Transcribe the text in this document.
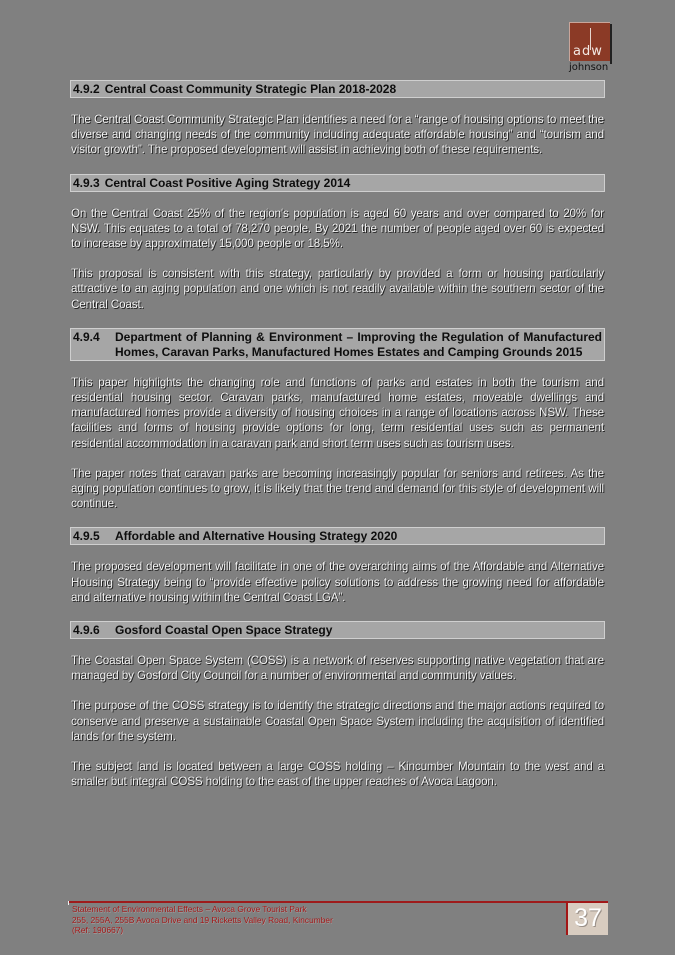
adw
johnson
4.9.2 Central Coast Community Strategic Plan 2018-2028

The Central Coast Community Strategic Plan identifies a need for a “range of housing options to meet the diverse and changing needs of the community including adequate affordable housing” and “tourism and visitor growth”. The proposed development will assist in achieving both of these requirements.

4.9.3 Central Coast Positive Aging Strategy 2014

On the Central Coast 25% of the region's population is aged 60 years and over compared to 20% for NSW. This equates to a total of 78,270 people. By 2021 the number of people aged over 60 is expected to increase by approximately 15,000 people or 18.5%.

This proposal is consistent with this strategy, particularly by provided a form or housing particularly attractive to an aging population and one which is not readily available within the southern sector of the Central Coast.

4.9.4	Department of Planning & Environment – Improving the Regulation of Manufactured Homes, Caravan Parks, Manufactured Homes Estates and Camping Grounds 2015

This paper highlights the changing role and functions of parks and estates in both the tourism and residential housing sector. Caravan parks, manufactured home estates, moveable dwellings and manufactured homes provide a diversity of housing choices in a range of locations across NSW. These facilities and forms of housing provide options for long, term residential uses such as permanent residential accommodation in a caravan park and short term uses such as tourism uses.

The paper notes that caravan parks are becoming increasingly popular for seniors and retirees. As the aging population continues to grow, it is likely that the trend and demand for this style of development will continue.

4.9.5	Affordable and Alternative Housing Strategy 2020

The proposed development will facilitate in one of the overarching aims of the Affordable and Alternative Housing Strategy being to “provide effective policy solutions to address the growing need for affordable and alternative housing within the Central Coast LGA”.

4.9.6	Gosford Coastal Open Space Strategy

The Coastal Open Space System (COSS) is a network of reserves supporting native vegetation that are managed by Gosford City Council for a number of environmental and community values.

The purpose of the COSS strategy is to identify the strategic directions and the major actions required to conserve and preserve a sustainable Coastal Open Space System including the acquisition of identified lands for the system.

The subject land is located between a large COSS holding – Kincumber Mountain to the west and a smaller but integral COSS holding to the east of the upper reaches of Avoca Lagoon.

Statement of Environmental Effects – Avoca Grove Tourist Park
255, 255A, 255B Avoca Drive and 19 Ricketts Valley Road, Kincumber
(Ref: 190667)	37
